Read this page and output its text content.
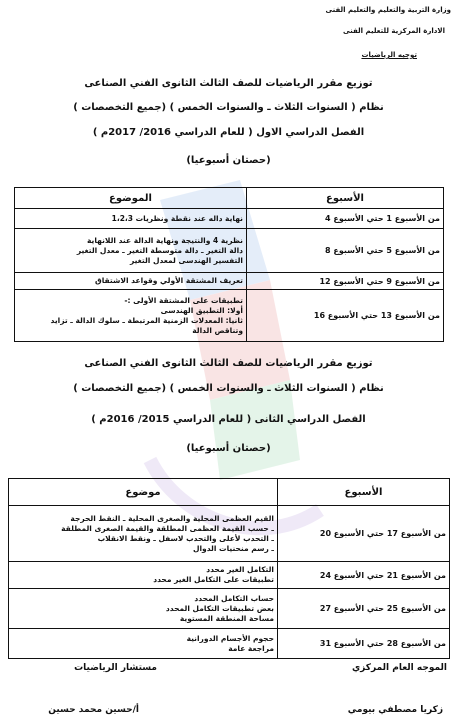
وزارة التربية والتعليم والتعليم الفنى
الادارة المركزية للتعليم الفنى
توجيه الرياضيات
توزيع مقرر الرياضيات للصف الثالث الثانوى الفني الصناعى
نظام ( السنوات الثلاث ـ والسنوات الخمس ) (جميع التخصصات )
الفصل الدراسي الاول ( للعام الدراسي 2016/ 2017م )
(حصتان أسبوعيا)
الأسبوع	الموضوع
من الأسبوع 1 حتي الأسبوع 4	نهاية داله عند نقطة ونظريات 1،2،3

من الأسبوع 5 حتي الأسبوع 8	نظرية 4 والنتيجة ونهاية الدالة عند اللانهاية
دالة التغير ـ دالة متوسطة التغير ـ معدل التغير
التفسير الهندسى لمعدل التغير

من الأسبوع 9 حتي الأسبوع 12	تعريف المشتقة الأولي وقواعد الاشتقاق

من الأسبوع 13 حتي الأسبوع 16	تطبيقات على المشتقة الأولى :-
أولا: التطبيق الهندسى
ثانيا: المعدلات الزمنية المرتبطة ـ سلوك الدالة ـ تزايد
وتناقص الدالة
توزيع مقرر الرياضيات للصف الثالث الثانوى الفني الصناعى
نظام ( السنوات الثلاث ـ والسنوات الخمس ) (جميع التخصصات )
الفصل الدراسي الثانى ( للعام الدراسي 2015/ 2016م )
(حصتان أسبوعيا)
الأسبوع	موضوع
من الأسبوع 17 حتي الأسبوع 20	القيم العظمى المحلية والصغرى المحلية ـ النقط الحرجة
ـ حسب القيمة العظمى المطلقة والقيمة الصغرى المطلقة
ـ التحدب لأعلى والتحدب لاسفل ـ ونقط الانقلاب
ـ رسم منحنيات الدوال

من الأسبوع 21 حتي الأسبوع 24	التكامل الغير محدد
تطبيقات على التكامل الغير محدد

من الأسبوع 25 حتي الأسبوع 27	حساب التكامل المحدد
بعض تطبيقات التكامل المحدد
مساحة المنطقة المستوية

من الأسبوع 28 حتي الأسبوع 31	حجوم الأجسام الدورانية
مراجعة عامة
الموجه العام المركزي
مستشار الرياضيات
زكريا مصطفي بيومي
أ/حسين محمد حسين
